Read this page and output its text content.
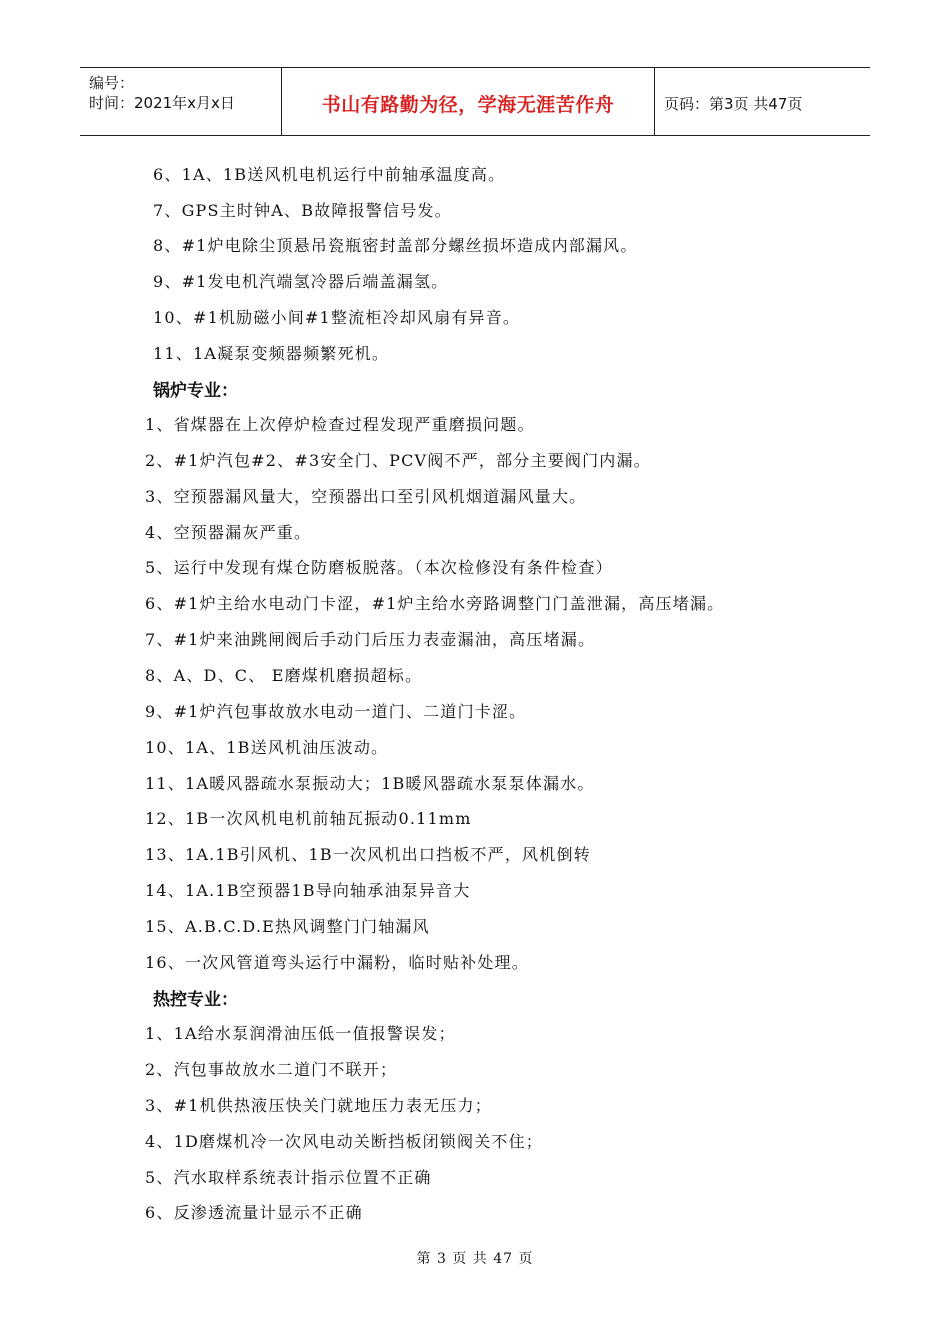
编号：
时间：2021年x月x日	书山有路勤为径，学海无涯苦作舟	页码：第3页 共47页
6、1A、1B送风机电机运行中前轴承温度高。
7、GPS主时钟A、B故障报警信号发。
8、#1炉电除尘顶悬吊瓷瓶密封盖部分螺丝损坏造成内部漏风。
9、#1发电机汽端氢冷器后端盖漏氢。
10、#1机励磁小间#1整流柜冷却风扇有异音。
11、1A凝泵变频器频繁死机。
锅炉专业：
1、省煤器在上次停炉检查过程发现严重磨损问题。
2、#1炉汽包#2、#3安全门、PCV阀不严，部分主要阀门内漏。
3、空预器漏风量大，空预器出口至引风机烟道漏风量大。
4、空预器漏灰严重。
5、运行中发现有煤仓防磨板脱落。（本次检修没有条件检查）
6、#1炉主给水电动门卡涩，#1炉主给水旁路调整门门盖泄漏，高压堵漏。
7、#1炉来油跳闸阀后手动门后压力表壶漏油，高压堵漏。
8、A、D、C、 E磨煤机磨损超标。
9、#1炉汽包事故放水电动一道门、二道门卡涩。
10、1A、1B送风机油压波动。
11、1A暖风器疏水泵振动大；1B暖风器疏水泵泵体漏水。
12、1B一次风机电机前轴瓦振动0.11mm
13、1A.1B引风机、1B一次风机出口挡板不严，风机倒转
14、1A.1B空预器1B导向轴承油泵异音大
15、A.B.C.D.E热风调整门门轴漏风
16、一次风管道弯头运行中漏粉，临时贴补处理。
热控专业：
1、1A给水泵润滑油压低一值报警误发；
2、汽包事故放水二道门不联开；
3、#1机供热液压快关门就地压力表无压力；
4、1D磨煤机冷一次风电动关断挡板闭锁阀关不住；
5、汽水取样系统表计指示位置不正确
6、反渗透流量计显示不正确
第 3 页 共 47 页
